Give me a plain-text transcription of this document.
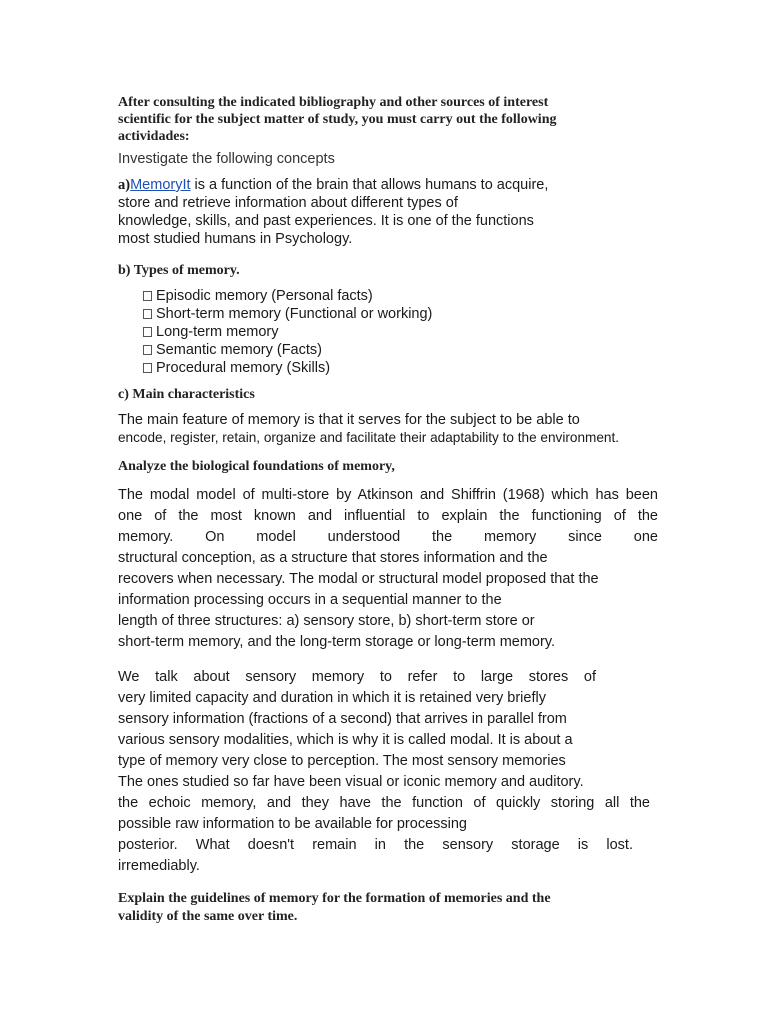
After consulting the indicated bibliography and other sources of interest
scientific for the subject matter of study, you must carry out the following
actividades:
Investigate the following concepts
a)MemoryIt is a function of the brain that allows humans to acquire,
store and retrieve information about different types of
knowledge, skills, and past experiences. It is one of the functions
most studied humans in Psychology.
b) Types of memory.
Episodic memory (Personal facts)
Short-term memory (Functional or working)
Long-term memory
Semantic memory (Facts)
Procedural memory (Skills)
c) Main characteristics
The main feature of memory is that it serves for the subject to be able to
encode, register, retain, organize and facilitate their adaptability to the environment.
Analyze the biological foundations of memory,
The modal model of multi-store by Atkinson and Shiffrin (1968) which has been
one of the most known and influential to explain the functioning of the
memory. On model understood the memory since one
structural conception, as a structure that stores information and the
recovers when necessary. The modal or structural model proposed that the
information processing occurs in a sequential manner to the
length of three structures: a) sensory store, b) short-term store or
short-term memory, and the long-term storage or long-term memory.
We talk about sensory memory to refer to large stores of
very limited capacity and duration in which it is retained very briefly
sensory information (fractions of a second) that arrives in parallel from
various sensory modalities, which is why it is called modal. It is about a
type of memory very close to perception. The most sensory memories
The ones studied so far have been visual or iconic memory and auditory.
the echoic memory, and they have the function of quickly storing all the
possible raw information to be available for processing
posterior. What doesn't remain in the sensory storage is lost.
irremediably.
Explain the guidelines of memory for the formation of memories and the
validity of the same over time.
